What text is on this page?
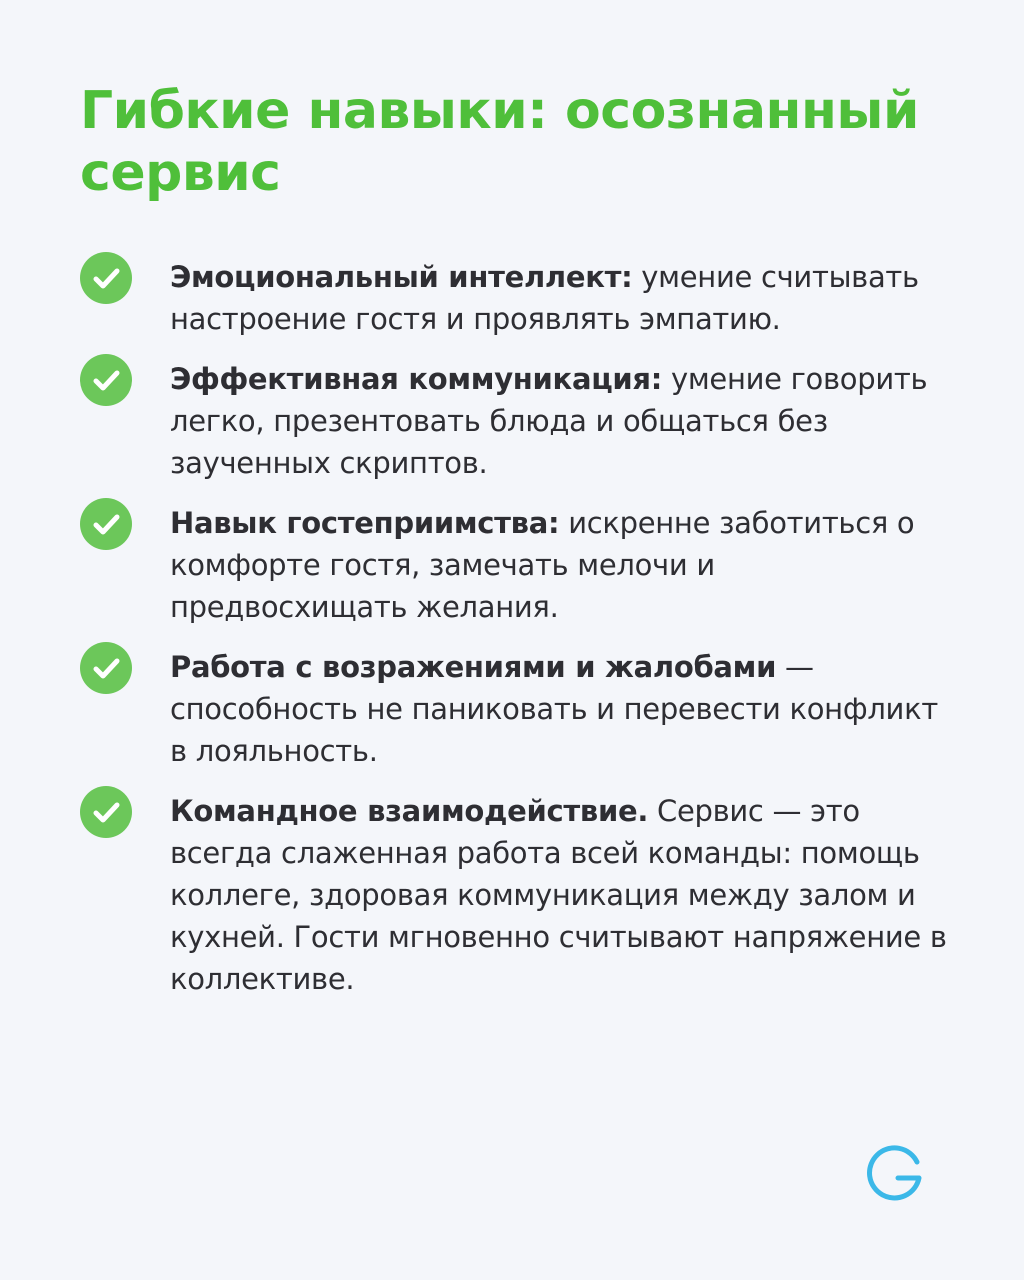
Гибкие навыки: осознанный сервис
Эмоциональный интеллект: умение считывать настроение гостя и проявлять эмпатию.
Эффективная коммуникация: умение говорить легко, презентовать блюда и общаться без заученных скриптов.
Навык гостеприимства: искренне заботиться о комфорте гостя, замечать мелочи и предвосхищать желания.
Работа с возражениями и жалобами — способность не паниковать и перевести конфликт в лояльность.
Командное взаимодействие. Сервис — это всегда слаженная работа всей команды: помощь коллеге, здоровая коммуникация между залом и кухней. Гости мгновенно считывают напряжение в коллективе.
